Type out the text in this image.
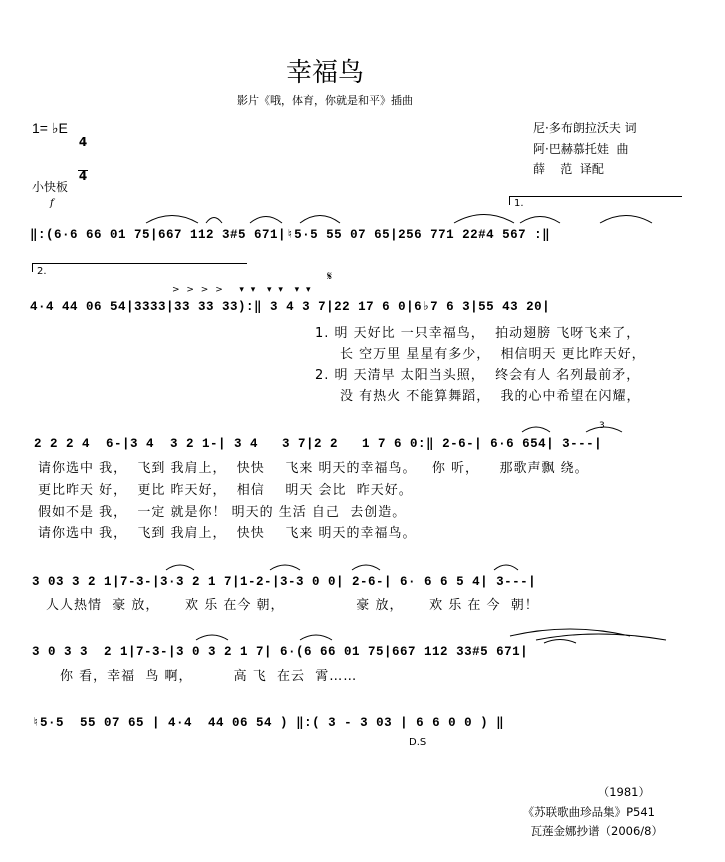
幸福鸟
影片《哦，体育，你就是和平》插曲
1= ♭E

4

4

尼·多布朗拉沃夫 词
阿·巴赫慕托娃  曲
薛    范  译配
小快板
f	1.
2.	𝄋
> > > >   ▾ ▾  ▾ ▾  ▾ ▾
‖:(6·6 66 01 75|667 112 3#5 671|♮5·5 55 07 65|256 771 22#4 567 :‖
4·4 44 06 54|3333|33 33 33):‖ 3 4 3 7|22 17 6 0|6♭7 6 3|55 43 20|
1. 明 天好比 一只幸福鸟，  拍动翅膀 飞呀飞来了，
长 空万里 星星有多少，  相信明天 更比昨天好，
2. 明 天清早 太阳当头照，  终会有人 名列最前矛，
没 有热火 不能算舞蹈，  我的心中希望在闪耀，
3
2 2 2 4  6-|3 4  3 2 1-| 3 4   3 7|2 2   1 7 6 0:‖ 2-6-| 6·6 654| 3---|
请你选中 我，  飞到 我肩上，  快快    飞来 明天的幸福鸟。   你 听，    那歌声飘 绕。
更比昨天 好，  更比 昨天好，  相信    明天 会比  昨天好。
假如不是 我，  一定 就是你！ 明天的 生活 自己  去创造。
请你选中 我，  飞到 我肩上，  快快    飞来 明天的幸福鸟。
3 03 3 2 1|7-3-|3·3 2 1 7|1-2-|3-3 0 0| 2-6-| 6· 6 6 5 4| 3---|
人人热情  豪 放，     欢 乐 在今 朝，              豪 放，     欢 乐 在 今  朝！
3 0 3 3  2 1|7-3-|3 0 3 2 1 7| 6·(6 66 01 75|667 112 33#5 671|
你 看，幸福  鸟 啊，        高 飞  在云  霄……
♮5·5  55 07 65 | 4·4  44 06 54 ) ‖:( 3 - 3 03 | 6 6 0 0 ) ‖
D.S
（1981）
《苏联歌曲珍品集》P541
瓦莲金娜抄谱（2006/8）
